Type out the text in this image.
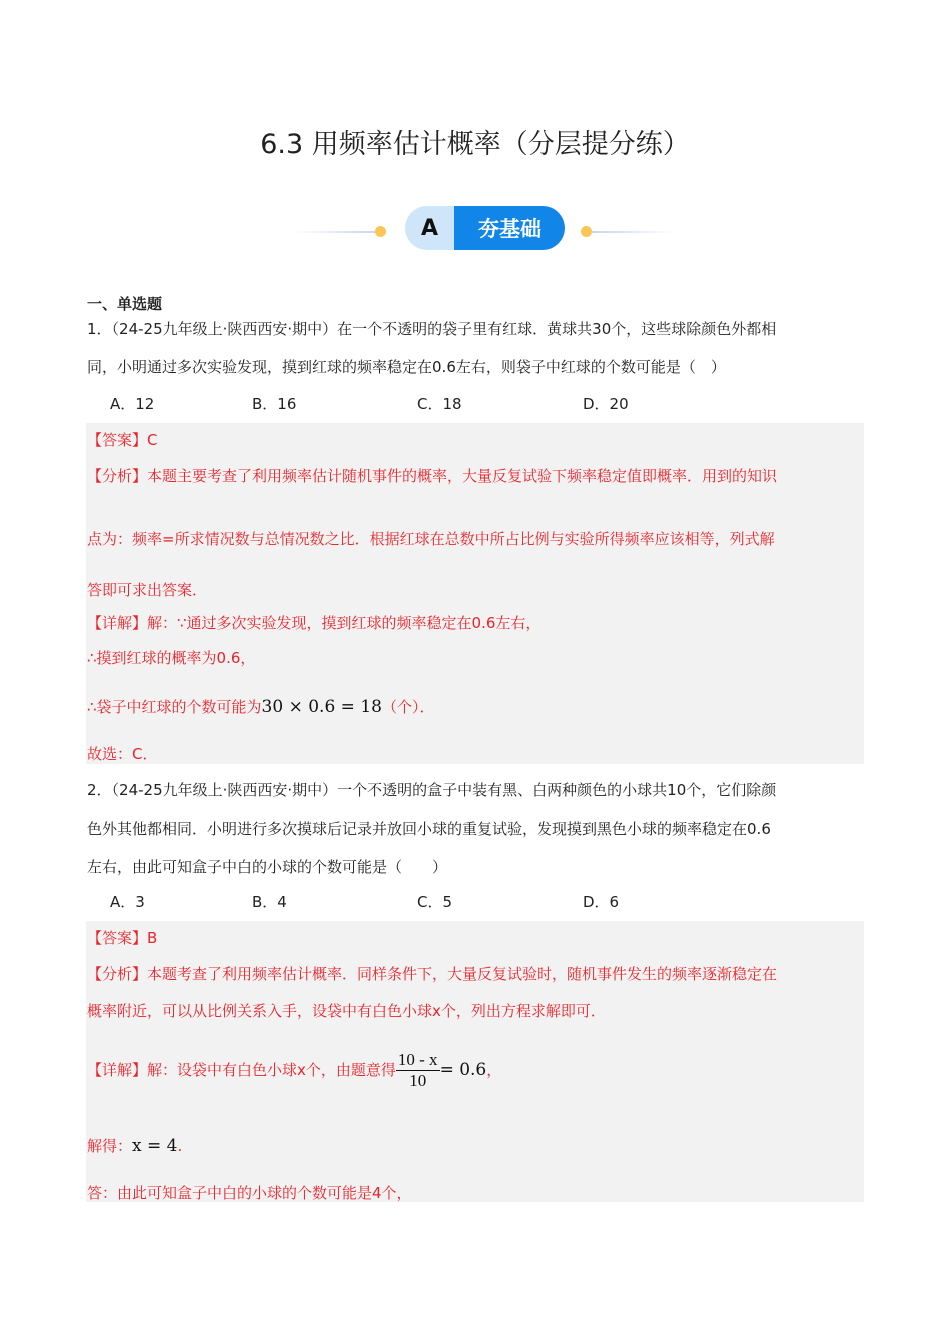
6.3 用频率估计概率（分层提分练）
A	夯基础
一、单选题
1．（24-25九年级上·陕西西安·期中）在一个不透明的袋子里有红球．黄球共30个，这些球除颜色外都相
同，小明通过多次实验发现，摸到红球的频率稳定在0.6左右，则袋子中红球的个数可能是（　）
A．12	B．16	C．18	D．20
【答案】C
【分析】本题主要考查了利用频率估计随机事件的概率，大量反复试验下频率稳定值即概率．用到的知识
点为：频率=所求情况数与总情况数之比．根据红球在总数中所占比例与实验所得频率应该相等，列式解
答即可求出答案．
【详解】解：∵通过多次实验发现，摸到红球的频率稳定在0.6左右，
∴摸到红球的概率为0.6，
∴袋子中红球的个数可能为30 × 0.6 = 18（个）．
故选：C．
2．（24-25九年级上·陕西西安·期中）一个不透明的盒子中装有黑、白两种颜色的小球共10个，它们除颜
色外其他都相同．小明进行多次摸球后记录并放回小球的重复试验，发现摸到黑色小球的频率稳定在0.6
左右，由此可知盒子中白的小球的个数可能是（　　）
A．3	B．4	C．5	D．6
【答案】B
【分析】本题考查了利用频率估计概率．同样条件下，大量反复试验时，随机事件发生的频率逐渐稳定在
概率附近，可以从比例关系入手，设袋中有白色小球x个，列出方程求解即可．
【详解】解：设袋中有白色小球x个，由题意得 $\frac{10 - x}{10} = 0.6$，
解得：x = 4.
答：由此可知盒子中白的小球的个数可能是4个，
